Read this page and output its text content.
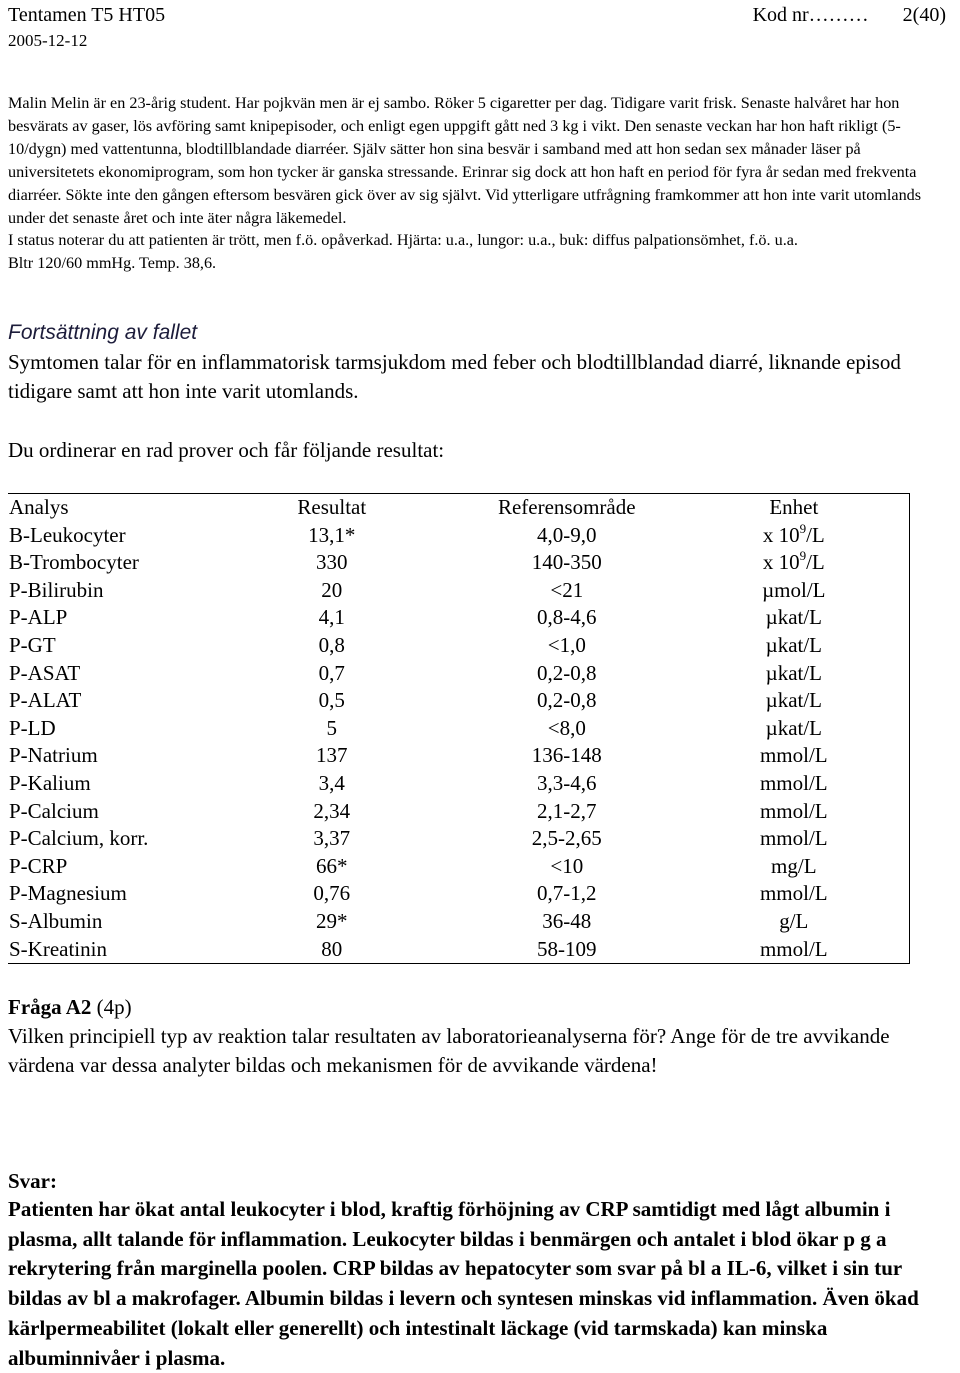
Tentamen T5 HT05	Kod nr……… 2(40)
2005-12-12
Malin Melin är en 23-årig student. Har pojkvän men är ej sambo. Röker 5 cigaretter per dag. Tidigare varit frisk. Senaste halvåret har hon besvärats av gaser, lös avföring samt knipepisoder, och enligt egen uppgift gått ned 3 kg i vikt. Den senaste veckan har hon haft rikligt (5-10/dygn) med vattentunna, blodtillblandade diarréer. Själv sätter hon sina besvär i samband med att hon sedan sex månader läser på universitetets ekonomiprogram, som hon tycker är ganska stressande. Erinrar sig dock att hon haft en period för fyra år sedan med frekventa diarréer. Sökte inte den gången eftersom besvären gick över av sig självt. Vid ytterligare utfrågning framkommer att hon inte varit utomlands under det senaste året och inte äter några läkemedel.
I status noterar du att patienten är trött, men f.ö. opåverkad. Hjärta: u.a., lungor: u.a., buk: diffus palpationsömhet, f.ö. u.a.
Bltr 120/60 mmHg. Temp. 38,6.
Fortsättning av fallet
Symtomen talar för en inflammatorisk tarmsjukdom med feber och blodtillblandad diarré, liknande episod tidigare samt att hon inte varit utomlands.
Du ordinerar en rad prover och får följande resultat:
Analys	Resultat	Referensområde	Enhet
B-Leukocyter	13,1*	4,0-9,0	x $10^9/L$
B-Trombocyter	330	140-350	x $10^9/L$
P-Bilirubin	20	<21	µmol/L
P-ALP	4,1	0,8-4,6	µkat/L
P-GT	0,8	<1,0	µkat/L
P-ASAT	0,7	0,2-0,8	µkat/L
P-ALAT	0,5	0,2-0,8	µkat/L
P-LD	5	<8,0	µkat/L
P-Natrium	137	136-148	mmol/L
P-Kalium	3,4	3,3-4,6	mmol/L
P-Calcium	2,34	2,1-2,7	mmol/L
P-Calcium, korr.	3,37	2,5-2,65	mmol/L
P-CRP	66*	<10	mg/L
P-Magnesium	0,76	0,7-1,2	mmol/L
S-Albumin	29*	36-48	g/L
S-Kreatinin	80	58-109	mmol/L
Fråga A2 (4p)
Vilken principiell typ av reaktion talar resultaten av laboratorieanalyserna för? Ange för de tre avvikande värdena var dessa analyter bildas och mekanismen för de avvikande värdena!
Svar:
Patienten har ökat antal leukocyter i blod, kraftig förhöjning av CRP samtidigt med lågt albumin i plasma, allt talande för inflammation. Leukocyter bildas i benmärgen och antalet i blod ökar p g a rekrytering från marginella poolen. CRP bildas av hepatocyter som svar på bl a IL-6, vilket i sin tur bildas av bl a makrofager. Albumin bildas i levern och syntesen minskas vid inflammation. Även ökad kärlpermeabilitet (lokalt eller generellt) och intestinalt läckage (vid tarmskada) kan minska albuminnivåer i plasma.
